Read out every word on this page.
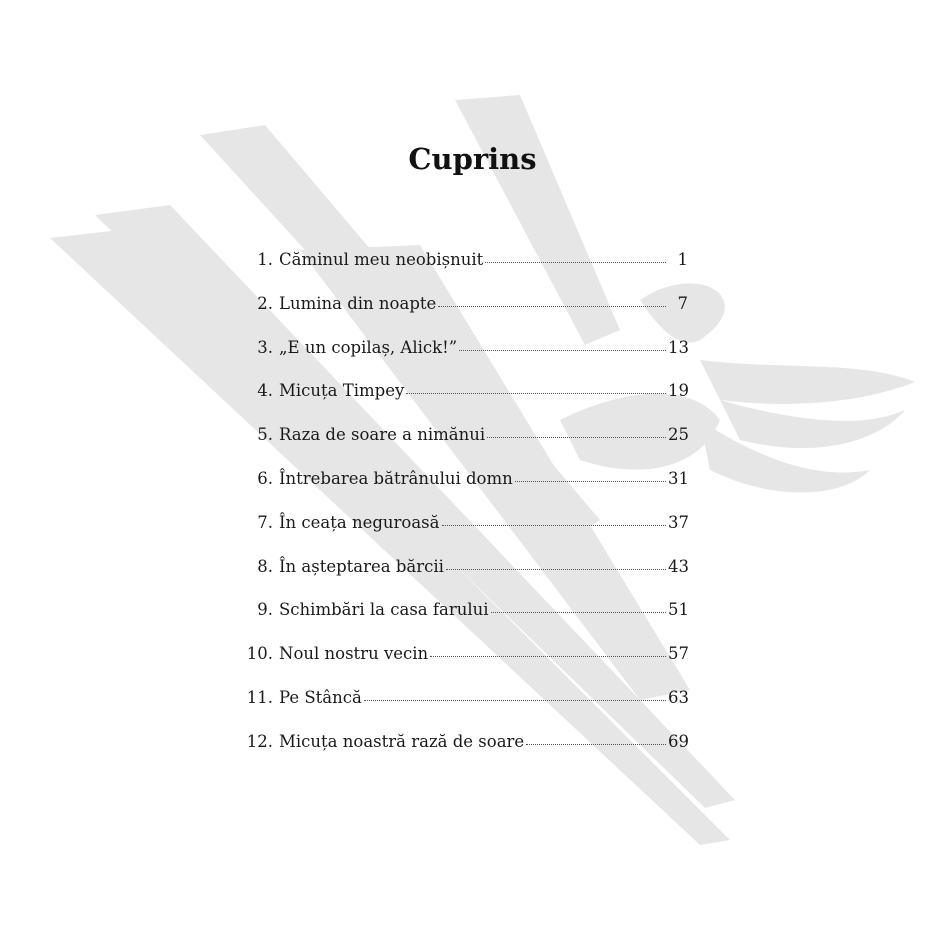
Cuprins
1. Căminul meu neobișnuit	1
2. Lumina din noapte	7
3. „E un copilaș, Alick!”	13
4. Micuța Timpey	19
5. Raza de soare a nimănui	25
6. Întrebarea bătrânului domn	31
7. În ceața neguroasă	37
8. În așteptarea bărcii	43
9. Schimbări la casa farului	51
10. Noul nostru vecin	57
11. Pe Stâncă	63
12. Micuța noastră rază de soare	69
